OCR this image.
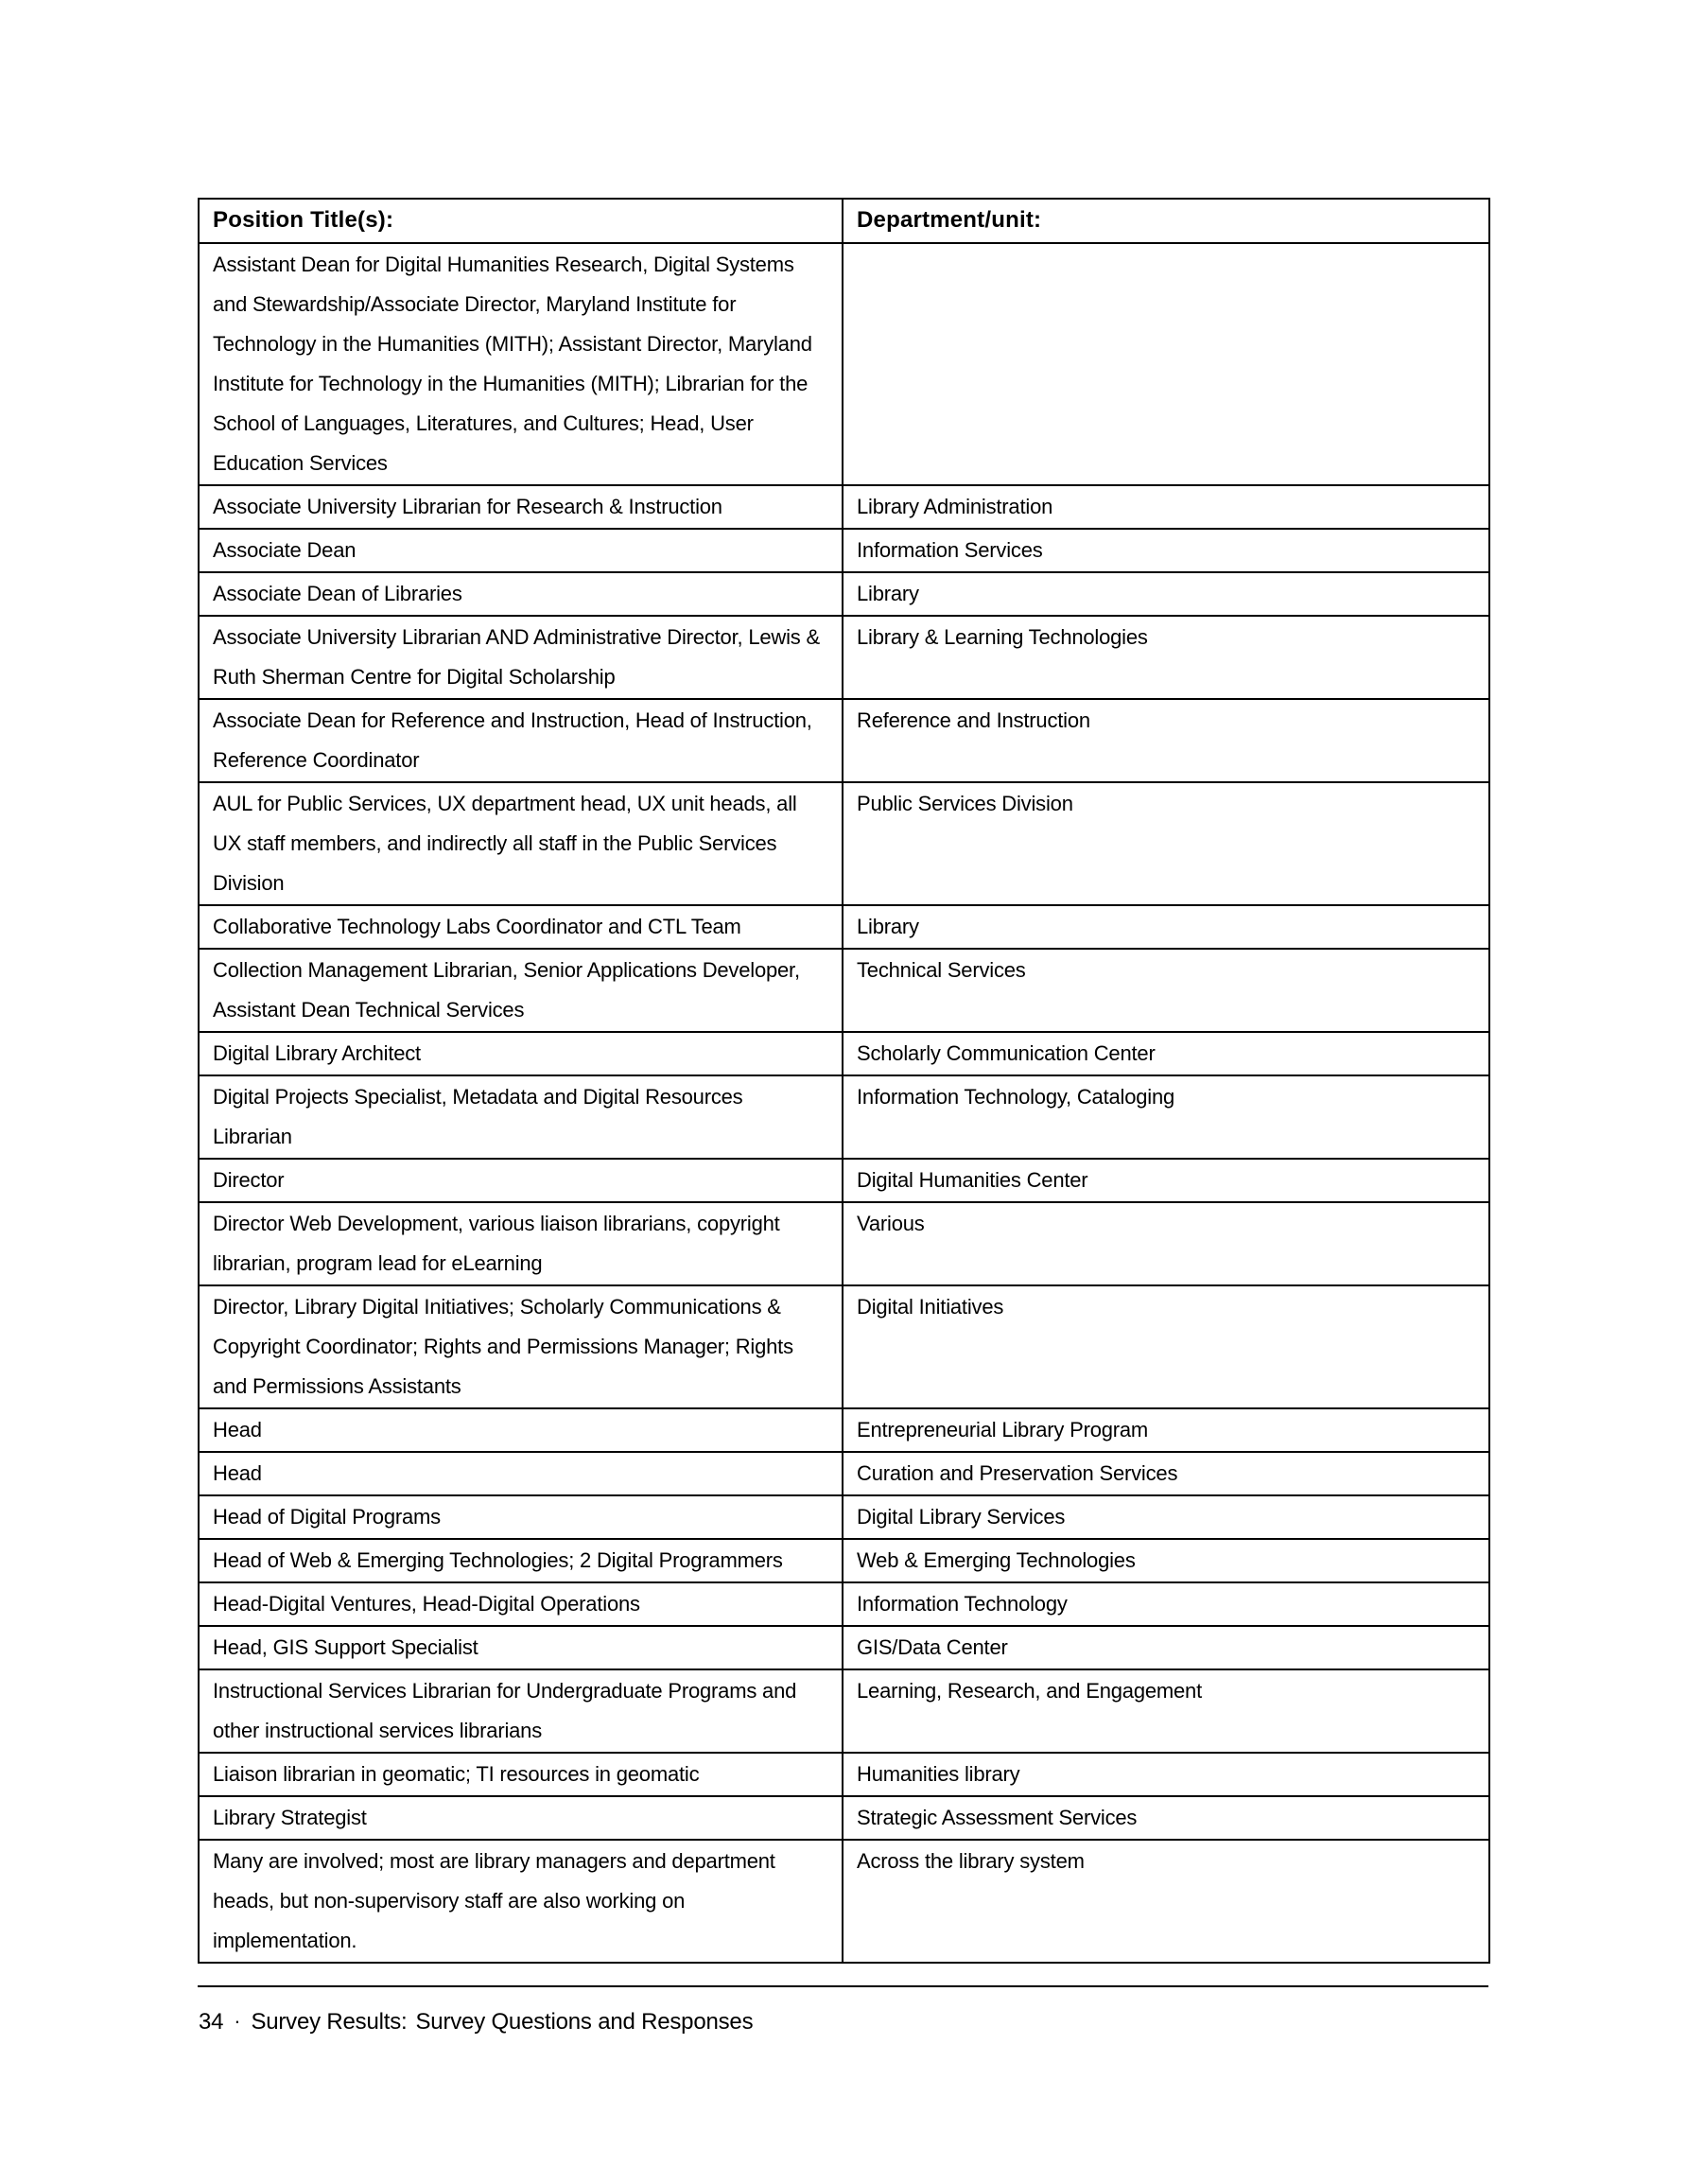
Position Title(s):	Department/unit:
Assistant Dean for Digital Humanities Research, Digital Systems and Stewardship/Associate Director, Maryland Institute for Technology in the Humanities (MITH); Assistant Director, Maryland Institute for Technology in the Humanities (MITH); Librarian for the School of Languages, Literatures, and Cultures; Head, User Education Services	
Associate University Librarian for Research & Instruction	Library Administration
Associate Dean	Information Services
Associate Dean of Libraries	Library
Associate University Librarian AND Administrative Director, Lewis & Ruth Sherman Centre for Digital Scholarship	Library & Learning Technologies
Associate Dean for Reference and Instruction, Head of Instruction, Reference Coordinator	Reference and Instruction
AUL for Public Services, UX department head, UX unit heads, all UX staff members, and indirectly all staff in the Public Services Division	Public Services Division
Collaborative Technology Labs Coordinator and CTL Team	Library
Collection Management Librarian, Senior Applications Developer, Assistant Dean Technical Services	Technical Services
Digital Library Architect	Scholarly Communication Center
Digital Projects Specialist, Metadata and Digital Resources Librarian	Information Technology, Cataloging
Director	Digital Humanities Center
Director Web Development, various liaison librarians, copyright librarian, program lead for eLearning	Various
Director, Library Digital Initiatives; Scholarly Communications & Copyright Coordinator; Rights and Permissions Manager; Rights and Permissions Assistants	Digital Initiatives
Head	Entrepreneurial Library Program
Head	Curation and Preservation Services
Head of Digital Programs	Digital Library Services
Head of Web & Emerging Technologies; 2 Digital Programmers	Web & Emerging Technologies
Head-Digital Ventures, Head-Digital Operations	Information Technology
Head, GIS Support Specialist	GIS/Data Center
Instructional Services Librarian for Undergraduate Programs and other instructional services librarians	Learning, Research, and Engagement
Liaison librarian in geomatic; TI resources in geomatic	Humanities library
Library Strategist	Strategic Assessment Services
Many are involved; most are library managers and department heads, but non-supervisory staff are also working on implementation.	Across the library system
34 · Survey Results: Survey Questions and Responses
